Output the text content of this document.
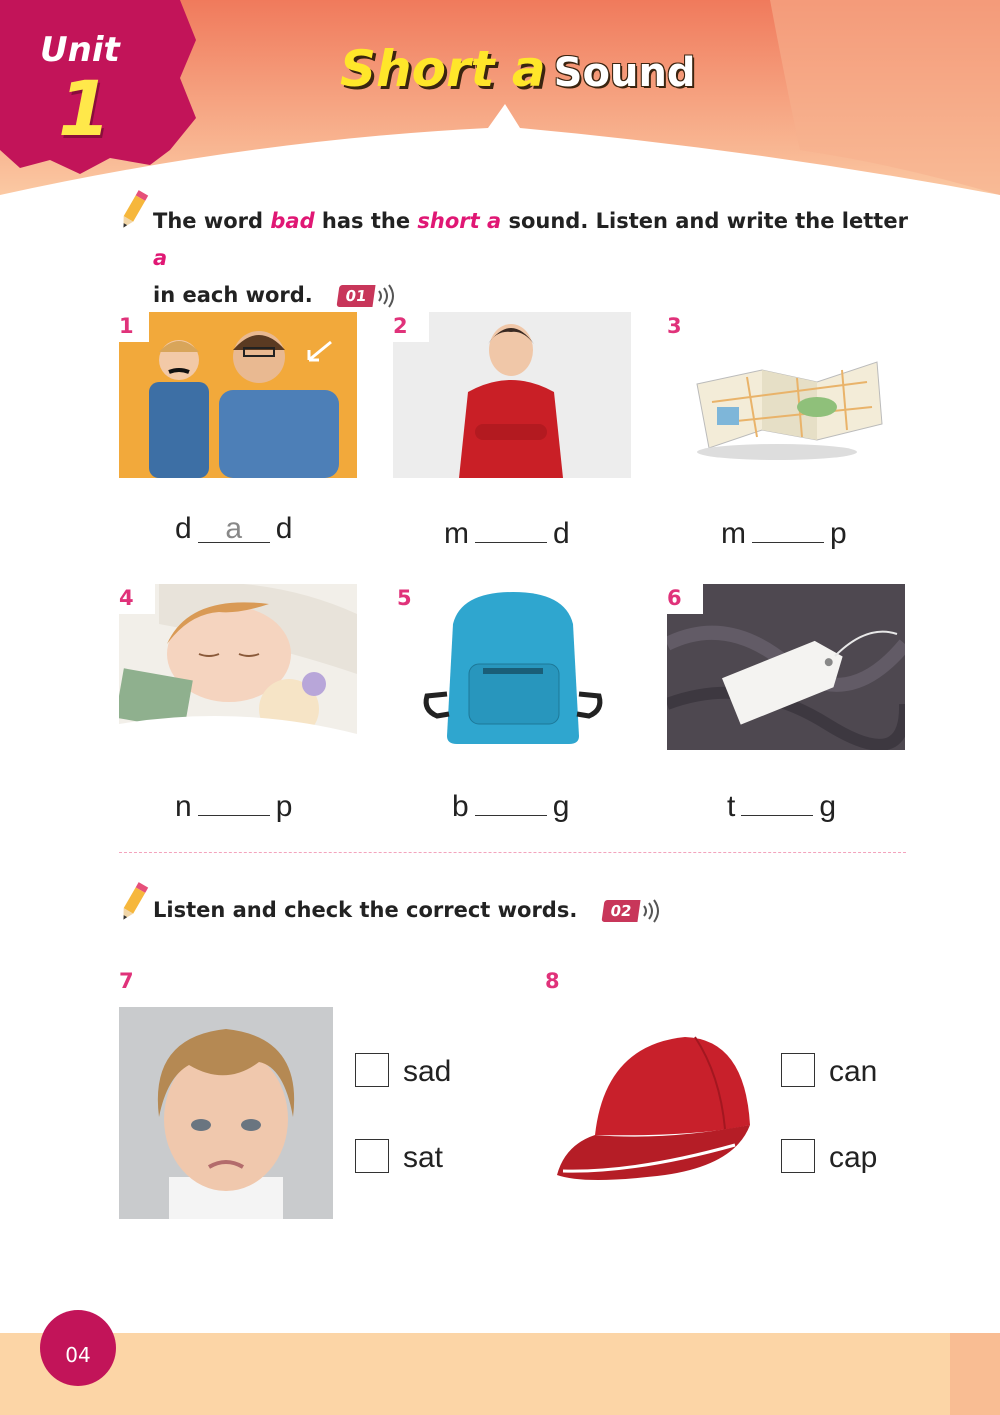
Unit
1	Short a Sound
The word bad has the short a sound. Listen and write the letter a
in each word.	01
1
d a d
2
m	d
3
m	p
4
n	p
5
b	g
6
t	g
Listen and check the correct words.	02
7
sad
sat
8
can
cap
04
